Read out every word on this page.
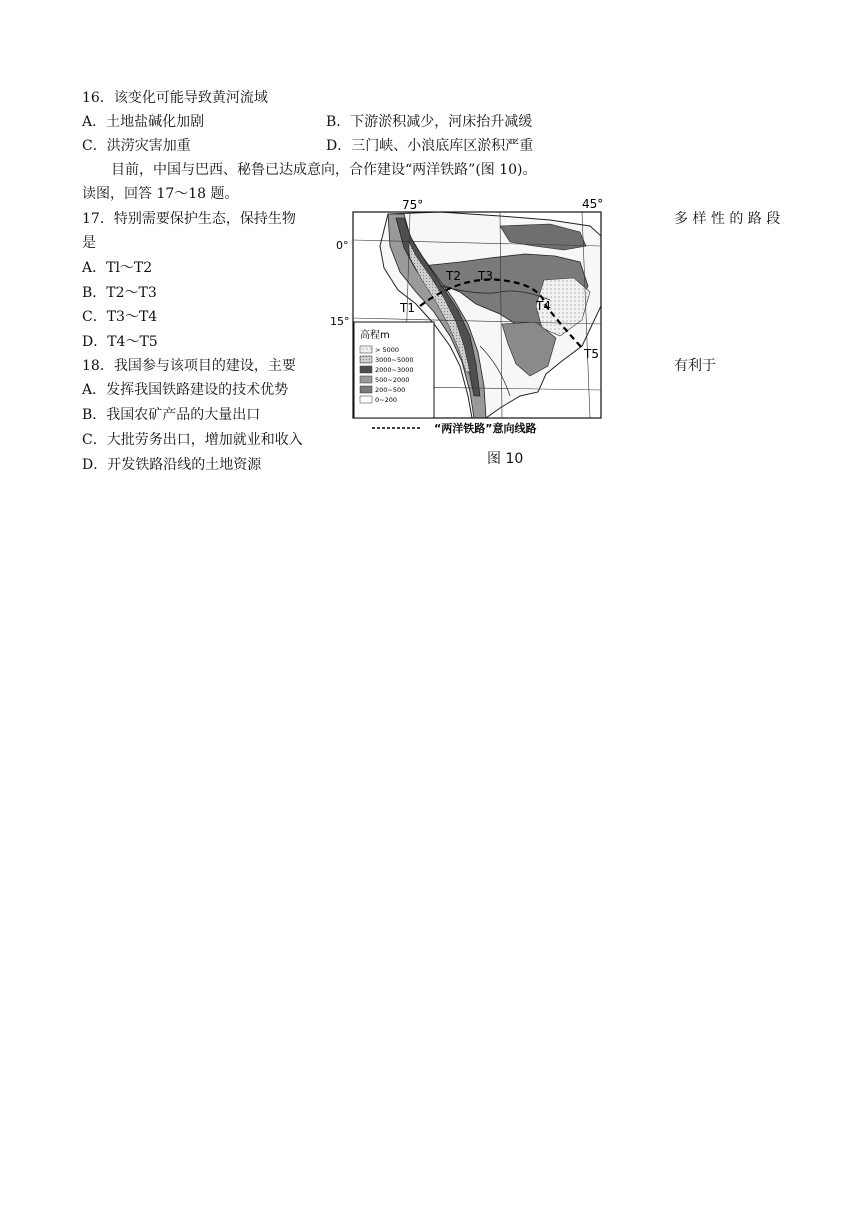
16．该变化可能导致黄河流域
A．土地盐碱化加剧	B．下游淤积减少，河床抬升减缓
C．洪涝灾害加重	D．三门峡、小浪底库区淤积严重
目前，中国与巴西、秘鲁已达成意向，合作建设“两洋铁路”(图 10)。
读图，回答 17～18 题。
17．特别需要保护生态，保持生物	多 样 性 的 路 段
是
A．Tl～T2
B．T2～T3
C．T3～T4
D．T4～T5
18．我国参与该项目的建设，主要	有利于
A．发挥我国铁路建设的技术优势
B．我国农矿产品的大量出口
C．大批劳务出口，增加就业和收入
D．开发铁路沿线的土地资源
75°	45°
0°
15°
T1
T2 T3
T4
T5
高程m
> 5000
3000~5000
2000~3000
500~2000
200~500
0~200
“两洋铁路”意向线路
图 10
